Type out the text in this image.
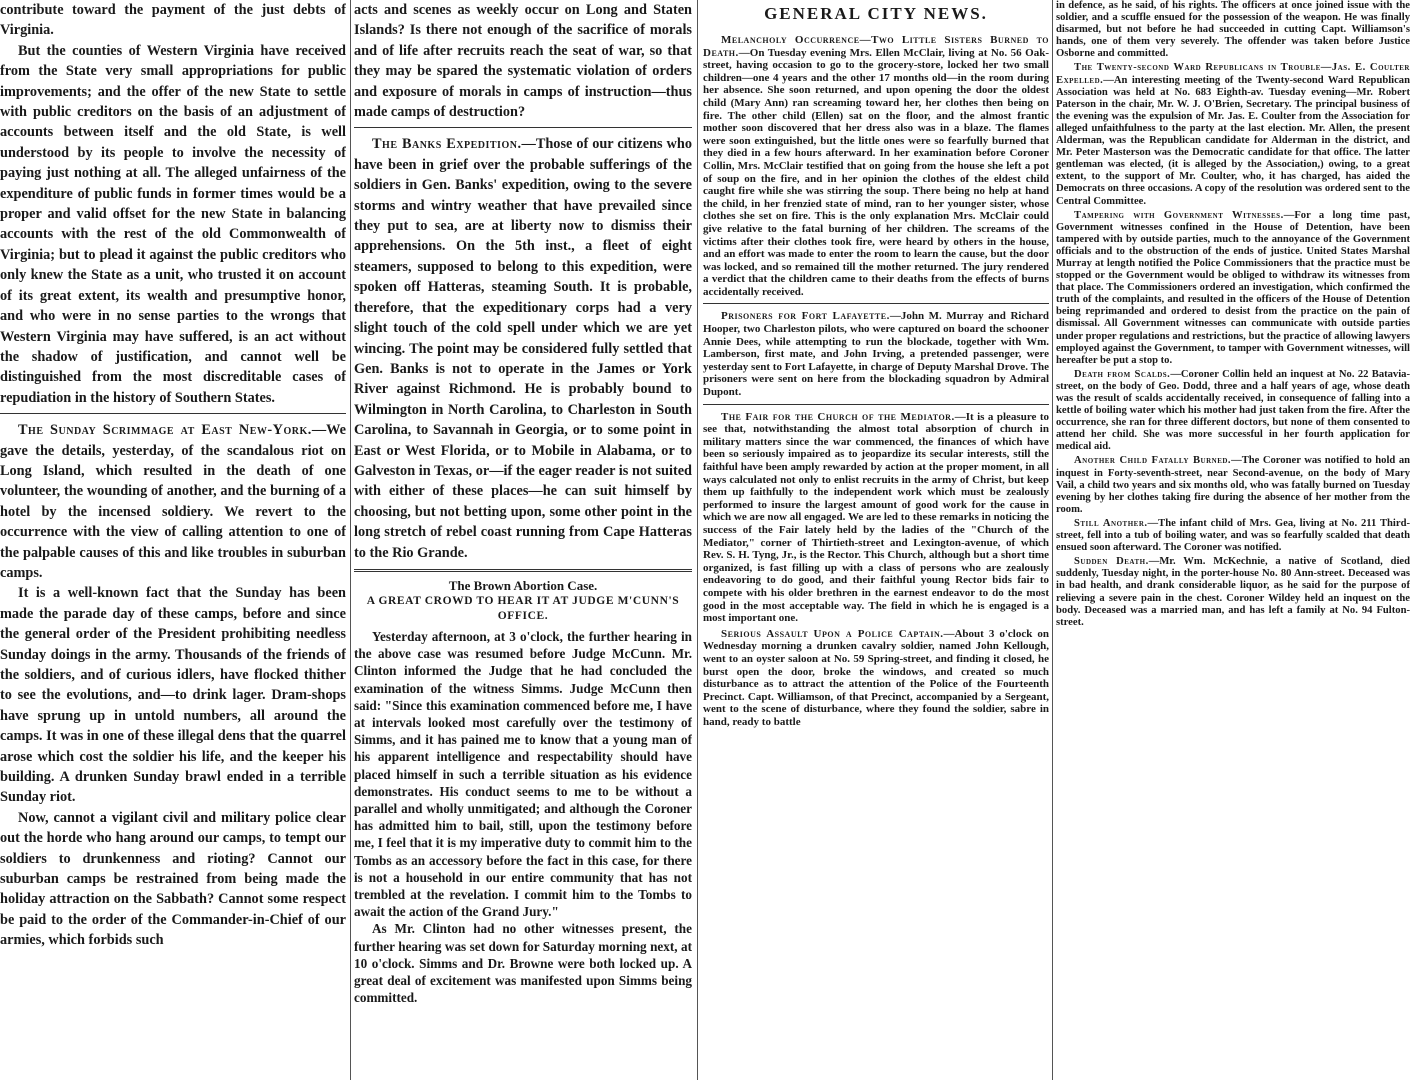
contribute toward the payment of the just debts of Virginia.

But the counties of Western Virginia have received from the State very small appropriations for public improvements; and the offer of the new State to settle with public creditors on the basis of an adjustment of accounts between itself and the old State, is well understood by its people to involve the necessity of paying just nothing at all. The alleged unfairness of the expenditure of public funds in former times would be a proper and valid offset for the new State in balancing accounts with the rest of the old Commonwealth of Virginia; but to plead it against the public creditors who only knew the State as a unit, who trusted it on account of its great extent, its wealth and presumptive honor, and who were in no sense parties to the wrongs that Western Virginia may have suffered, is an act without the shadow of justification, and cannot well be distinguished from the most discreditable cases of repudiation in the history of Southern States.

The Sunday Scrimmage at East New-York.—We gave the details, yesterday, of the scandalous riot on Long Island, which resulted in the death of one volunteer, the wounding of another, and the burning of a hotel by the incensed soldiery. We revert to the occurrence with the view of calling attention to one of the palpable causes of this and like troubles in suburban camps.

It is a well-known fact that the Sunday has been made the parade day of these camps, before and since the general order of the President prohibiting needless Sunday doings in the army. Thousands of the friends of the soldiers, and of curious idlers, have flocked thither to see the evolutions, and—to drink lager. Dram-shops have sprung up in untold numbers, all around the camps. It was in one of these illegal dens that the quarrel arose which cost the soldier his life, and the keeper his building. A drunken Sunday brawl ended in a terrible Sunday riot.

Now, cannot a vigilant civil and military police clear out the horde who hang around our camps, to tempt our soldiers to drunkenness and rioting? Cannot our suburban camps be restrained from being made the holiday attraction on the Sabbath? Cannot some respect be paid to the order of the Commander-in-Chief of our armies, which forbids such

acts and scenes as weekly occur on Long and Staten Islands? Is there not enough of the sacrifice of morals and of life after recruits reach the seat of war, so that they may be spared the systematic violation of orders and exposure of morals in camps of instruction—thus made camps of destruction?

The Banks Expedition.—Those of our citizens who have been in grief over the probable sufferings of the soldiers in Gen. Banks' expedition, owing to the severe storms and wintry weather that have prevailed since they put to sea, are at liberty now to dismiss their apprehensions. On the 5th inst., a fleet of eight steamers, supposed to belong to this expedition, were spoken off Hatteras, steaming South. It is probable, therefore, that the expeditionary corps had a very slight touch of the cold spell under which we are yet wincing. The point may be considered fully settled that Gen. Banks is not to operate in the James or York River against Richmond. He is probably bound to Wilmington in North Carolina, to Charleston in South Carolina, to Savannah in Georgia, or to some point in East or West Florida, or to Mobile in Alabama, or to Galveston in Texas, or—if the eager reader is not suited with either of these places—he can suit himself by choosing, but not betting upon, some other point in the long stretch of rebel coast running from Cape Hatteras to the Rio Grande.

The Brown Abortion Case.
A GREAT CROWD TO HEAR IT AT JUDGE M'CUNN'S OFFICE.

Yesterday afternoon, at 3 o'clock, the further hearing in the above case was resumed before Judge McCunn. Mr. Clinton informed the Judge that he had concluded the examination of the witness Simms. Judge McCunn then said: "Since this examination commenced before me, I have at intervals looked most carefully over the testimony of Simms, and it has pained me to know that a young man of his apparent intelligence and respectability should have placed himself in such a terrible situation as his evidence demonstrates. His conduct seems to me to be without a parallel and wholly unmitigated; and although the Coroner has admitted him to bail, still, upon the testimony before me, I feel that it is my imperative duty to commit him to the Tombs as an accessory before the fact in this case, for there is not a household in our entire community that has not trembled at the revelation. I commit him to the Tombs to await the action of the Grand Jury."

As Mr. Clinton had no other witnesses present, the further hearing was set down for Saturday morning next, at 10 o'clock. Simms and Dr. Browne were both locked up. A great deal of excitement was manifested upon Simms being committed.

GENERAL CITY NEWS.

Melancholy Occurrence—Two Little Sisters Burned to Death.—On Tuesday evening Mrs. Ellen McClair, living at No. 56 Oak-street, having occasion to go to the grocery-store, locked her two small children—one 4 years and the other 17 months old—in the room during her absence. She soon returned, and upon opening the door the oldest child (Mary Ann) ran screaming toward her, her clothes then being on fire. The other child (Ellen) sat on the floor, and the almost frantic mother soon discovered that her dress also was in a blaze. The flames were soon extinguished, but the little ones were so fearfully burned that they died in a few hours afterward. In her examination before Coroner Collin, Mrs. McClair testified that on going from the house she left a pot of soup on the fire, and in her opinion the clothes of the eldest child caught fire while she was stirring the soup. There being no help at hand the child, in her frenzied state of mind, ran to her younger sister, whose clothes she set on fire. This is the only explanation Mrs. McClair could give relative to the fatal burning of her children. The screams of the victims after their clothes took fire, were heard by others in the house, and an effort was made to enter the room to learn the cause, but the door was locked, and so remained till the mother returned. The jury rendered a verdict that the children came to their deaths from the effects of burns accidentally received.

Prisoners for Fort Lafayette.—John M. Murray and Richard Hooper, two Charleston pilots, who were captured on board the schooner Annie Dees, while attempting to run the blockade, together with Wm. Lamberson, first mate, and John Irving, a pretended passenger, were yesterday sent to Fort Lafayette, in charge of Deputy Marshal Drove. The prisoners were sent on here from the blockading squadron by Admiral Dupont.

The Fair for the Church of the Mediator.—It is a pleasure to see that, notwithstanding the almost total absorption of church in military matters since the war commenced, the finances of which have been so seriously impaired as to jeopardize its secular interests, still the faithful have been amply rewarded by action at the proper moment, in all ways calculated not only to enlist recruits in the army of Christ, but keep them up faithfully to the independent work which must be zealously performed to insure the largest amount of good work for the cause in which we are now all engaged. We are led to these remarks in noticing the success of the Fair lately held by the ladies of the "Church of the Mediator," corner of Thirtieth-street and Lexington-avenue, of which Rev. S. H. Tyng, Jr., is the Rector. This Church, although but a short time organized, is fast filling up with a class of persons who are zealously endeavoring to do good, and their faithful young Rector bids fair to compete with his older brethren in the earnest endeavor to do the most good in the most acceptable way. The field in which he is engaged is a most important one.

Serious Assault Upon a Police Captain.—About 3 o'clock on Wednesday morning a drunken cavalry soldier, named John Kellough, went to an oyster saloon at No. 59 Spring-street, and finding it closed, he burst open the door, broke the windows, and created so much disturbance as to attract the attention of the Police of the Fourteenth Precinct. Capt. Williamson, of that Precinct, accompanied by a Sergeant, went to the scene of disturbance, where they found the soldier, sabre in hand, ready to battle

in defence, as he said, of his rights. The officers at once joined issue with the soldier, and a scuffle ensued for the possession of the weapon. He was finally disarmed, but not before he had succeeded in cutting Capt. Williamson's hands, one of them very severely. The offender was taken before Justice Osborne and committed.

The Twenty-second Ward Republicans in Trouble—Jas. E. Coulter Expelled.—An interesting meeting of the Twenty-second Ward Republican Association was held at No. 683 Eighth-av. Tuesday evening—Mr. Robert Paterson in the chair, Mr. W. J. O'Brien, Secretary. The principal business of the evening was the expulsion of Mr. Jas. E. Coulter from the Association for alleged unfaithfulness to the party at the last election. Mr. Allen, the present Alderman, was the Republican candidate for Alderman in the district, and Mr. Peter Masterson was the Democratic candidate for that office. The latter gentleman was elected, (it is alleged by the Association,) owing, to a great extent, to the support of Mr. Coulter, who, it has charged, has aided the Democrats on three occasions. A copy of the resolution was ordered sent to the Central Committee.

Tampering with Government Witnesses.—For a long time past, Government witnesses confined in the House of Detention, have been tampered with by outside parties, much to the annoyance of the Government officials and to the obstruction of the ends of justice. United States Marshal Murray at length notified the Police Commissioners that the practice must be stopped or the Government would be obliged to withdraw its witnesses from that place. The Commissioners ordered an investigation, which confirmed the truth of the complaints, and resulted in the officers of the House of Detention being reprimanded and ordered to desist from the practice on the pain of dismissal. All Government witnesses can communicate with outside parties under proper regulations and restrictions, but the practice of allowing lawyers employed against the Government, to tamper with Government witnesses, will hereafter be put a stop to.

Death from Scalds.—Coroner Collin held an inquest at No. 22 Batavia-street, on the body of Geo. Dodd, three and a half years of age, whose death was the result of scalds accidentally received, in consequence of falling into a kettle of boiling water which his mother had just taken from the fire. After the occurrence, she ran for three different doctors, but none of them consented to attend her child. She was more successful in her fourth application for medical aid.

Another Child Fatally Burned.—The Coroner was notified to hold an inquest in Forty-seventh-street, near Second-avenue, on the body of Mary Vail, a child two years and six months old, who was fatally burned on Tuesday evening by her clothes taking fire during the absence of her mother from the room.

Still Another.—The infant child of Mrs. Gea, living at No. 211 Third-street, fell into a tub of boiling water, and was so fearfully scalded that death ensued soon afterward. The Coroner was notified.

Sudden Death.—Mr. Wm. McKechnie, a native of Scotland, died suddenly, Tuesday night, in the porter-house No. 80 Ann-street. Deceased was in bad health, and drank considerable liquor, as he said for the purpose of relieving a severe pain in the chest. Coroner Wildey held an inquest on the body. Deceased was a married man, and has left a family at No. 94 Fulton-street.
